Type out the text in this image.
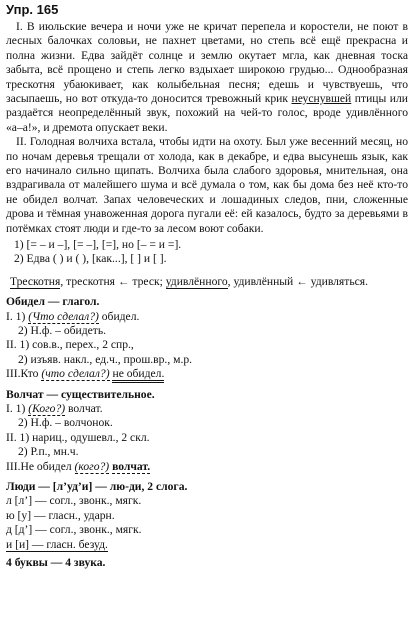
Упр. 165

I. В июльские вечера и ночи уже не кричат перепела и коростели, не поют в лесных балочках соловьи, не пахнет цветами, но степь всё ещё прекрасна и полна жизни. Едва зайдёт солнце и землю окутает мгла, как дневная тоска забыта, всё прощено и степь легко вздыхает широкою грудью... Однообразная трескотня убаюкивает, как колыбельная песня; едешь и чувствуешь, что засыпаешь, но вот откуда-то доносится тревожный крик неуснувшей птицы или раздаётся неопределённый звук, похожий на чей-то голос, вроде удивлённого «а–а!», и дремота опускает веки.

II. Голодная волчиха встала, чтобы идти на охоту. Был уже весенний месяц, но по ночам деревья трещали от холода, как в декабре, и едва высунешь язык, как его начинало сильно щипать. Волчиха была слабого здоровья, мнительная, она вздрагивала от малейшего шума и всё думала о том, как бы дома без неё кто-то не обидел волчат. Запах человеческих и лошадиных следов, пни, сложенные дрова и тёмная унавоженная дорога пугали её: ей казалось, будто за деревьями в потёмках стоят люди и где-то за лесом воют собаки.

1) [= – и –], [= –], [=], но [– = и =].
2) Едва ( ) и ( ), [как...], [ ] и [ ].
Трескотня, трескотня ← треск; удивлённого, удивлённый ← удивляться.
Обидел — глагол.
I. 1) (Что сделал?) обидел.
2) Н.ф. – обидеть.
II. 1) сов.в., перех., 2 спр.,
2) изъяв. накл., ед.ч., прош.вр., м.р.
III.Кто (что сделал?) не обидел.
Волчат — существительное.
I. 1) (Кого?) волчат.
2) Н.ф. – волчонок.
II. 1) нариц., одушевл., 2 скл.
2) Р.п., мн.ч.
III.Не обидел (кого?) волчат.
Люди — [л’уд’и] — лю-ди, 2 слога.
л [л’] — согл., звонк., мягк.
ю [у] — гласн., ударн.
д [д’] — согл., звонк., мягк.
и [и] — гласн. безуд.
4 буквы — 4 звука.
